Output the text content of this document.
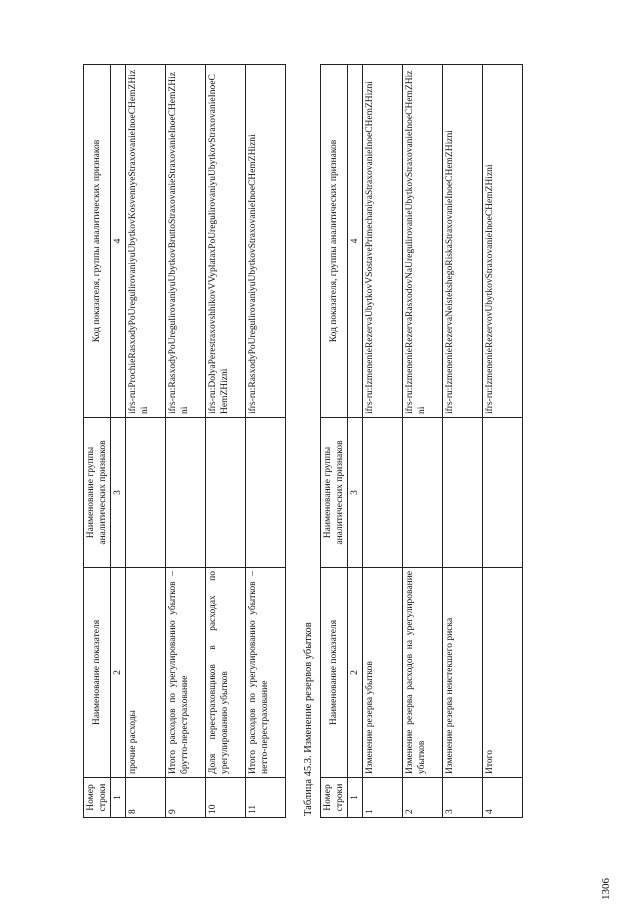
1306
Номер строки	Наименование показателя	Наименование группы аналитических признаков	Код показателя, группы аналитических признаков
1	2	3	4
8	прочие расходы		ifrs-ru:ProchieRasxodyPoUregulirovaniyuUbytkovKosvennyeStraxovanieInoeCHemZHizni
9	Итого расходов по урегулированию убытков – брутто-перестрахование		ifrs-ru:RasxodyPoUregulirovaniyuUbytkovBruttoStraxovanieStraxovanieInoeCHemZHizni
10	Доля перестраховщиков в расходах по урегулированию убытков		ifrs-ru:DolyaPerestraxovshhikovVVyplataxPoUregulirovaniyuUbytkovStraxovanieInoeCHemZHizni
11	Итого расходов по урегулированию убытков – нетто-перестрахование		ifrs-ru:RasxodyPoUregulirovaniyuUbytkovStraxovanieInoeCHemZHizni
Таблица 45.3. Изменение резервов убытков Номер строки	Наименование показателя	Наименование группы аналитических признаков	Код показателя, группы аналитических признаков
1	2	3	4
1	Изменение резерва убытков		ifrs-ru:IzmenenieRezervaUbytkovVSostavePrimechaniyaStraxovanieInoeCHemZHizni
2	Изменение резерва расходов на урегулирование убытков		ifrs-ru:IzmenenieRezervaRasxodovNaUregulirovanieUbytkovStraxovanieInoeCHemZHizni
3	Изменение резерва неистекшего риска		ifrs-ru:IzmenenieRezervaNeistekshegoRiskaStraxovanieInoeCHemZHizni
4	Итого		ifrs-ru:IzmenenieRezervovUbytkovStraxovanieInoeCHemZHizni
